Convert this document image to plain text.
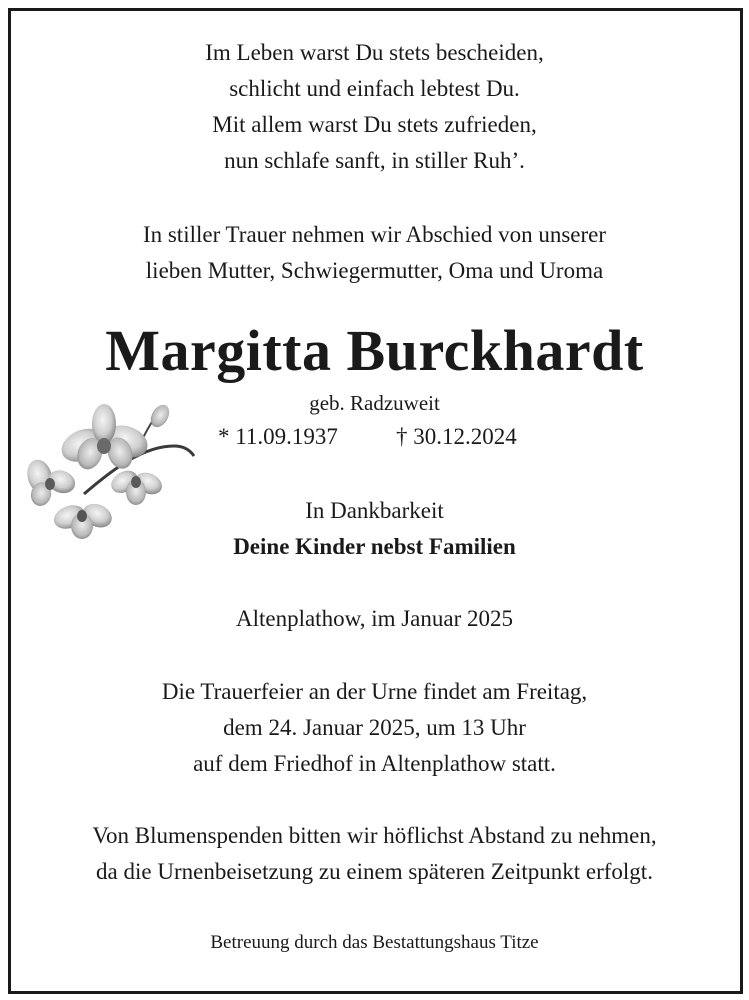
Im Leben warst Du stets bescheiden,
schlicht und einfach lebtest Du.
Mit allem warst Du stets zufrieden,
nun schlafe sanft, in stiller Ruh’.
In stiller Trauer nehmen wir Abschied von unserer
lieben Mutter, Schwiegermutter, Oma und Uroma
Margitta Burckhardt
geb. Radzuweit
* 11.09.1937	† 30.12.2024
In Dankbarkeit
Deine Kinder nebst Familien
Altenplathow, im Januar 2025
Die Trauerfeier an der Urne findet am Freitag,
dem 24. Januar 2025, um 13 Uhr
auf dem Friedhof in Altenplathow statt.
Von Blumenspenden bitten wir höflichst Abstand zu nehmen,
da die Urnenbeisetzung zu einem späteren Zeitpunkt erfolgt.
Betreuung durch das Bestattungshaus Titze
